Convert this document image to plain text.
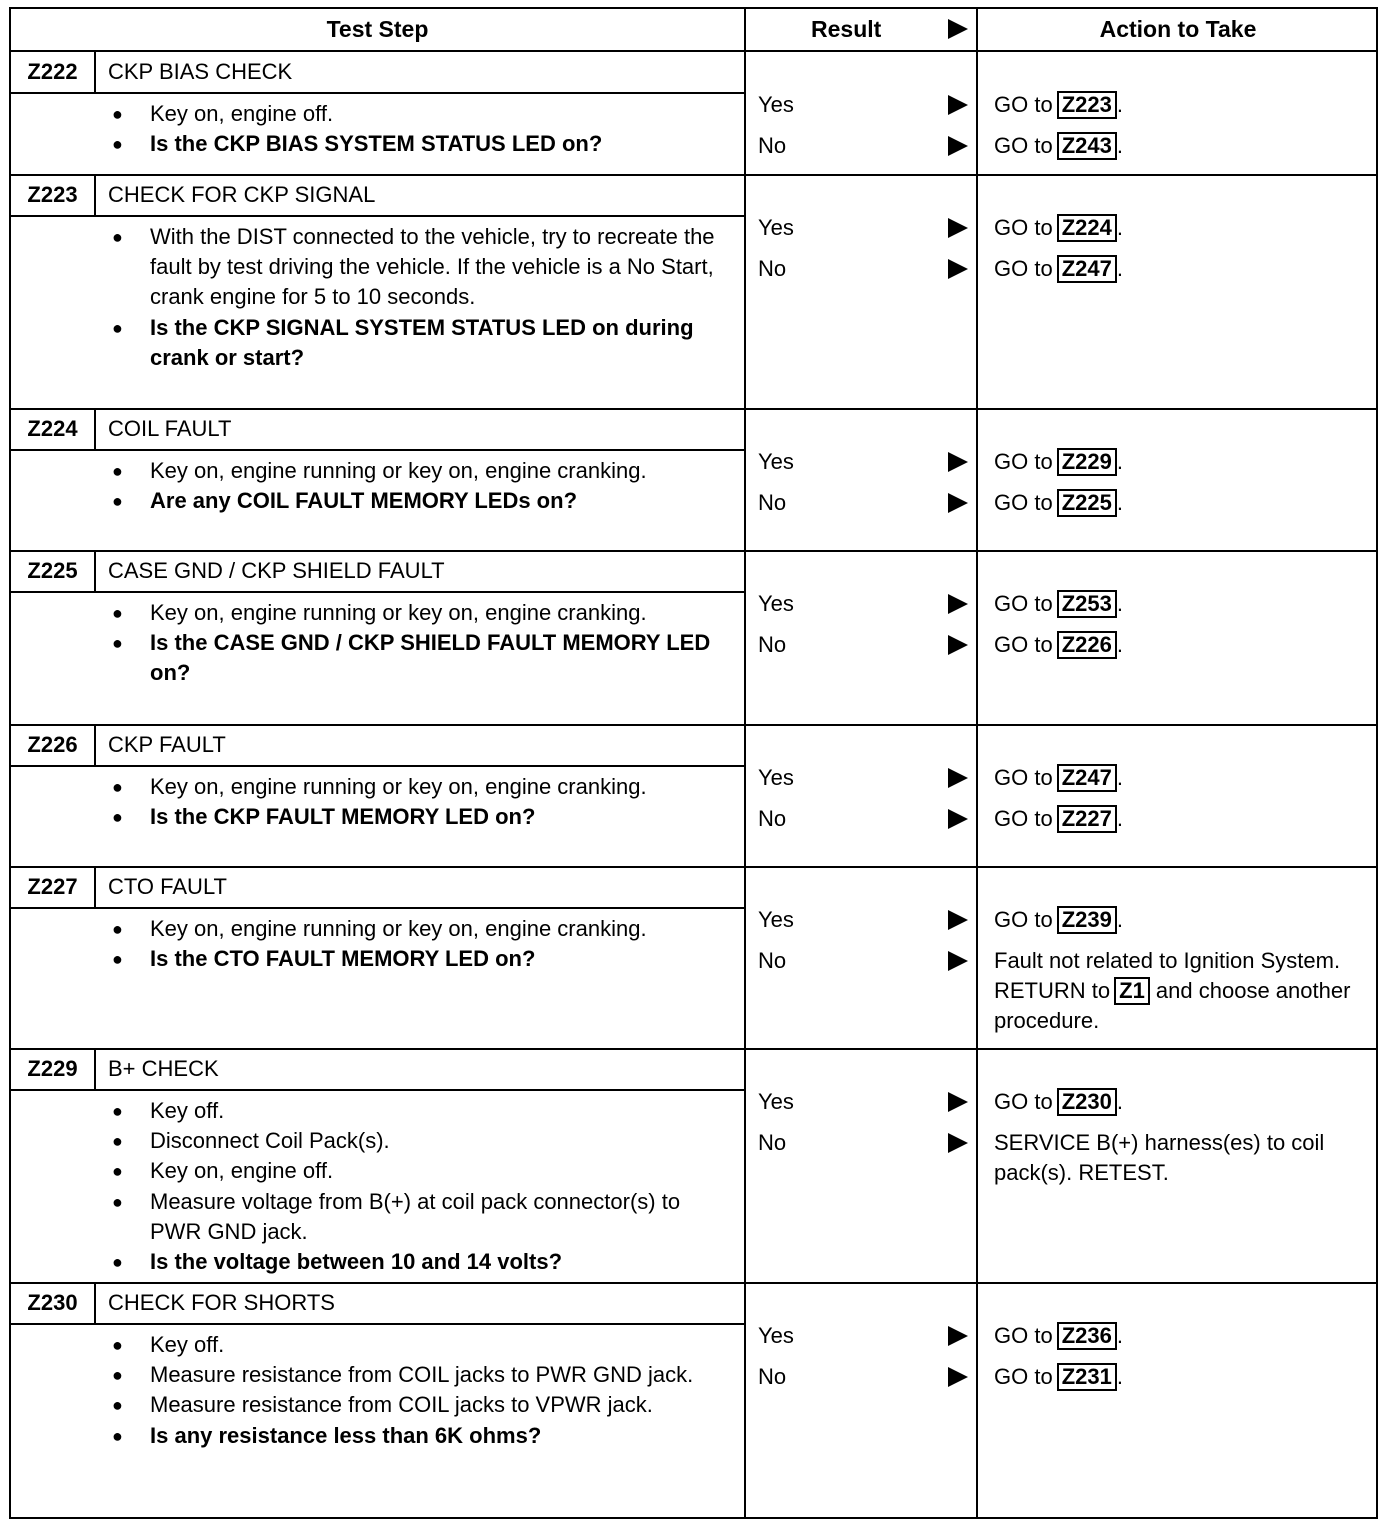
Test Step	Result	Action to Take
Z222	CKP BIAS CHECK
● Key on, engine off.
● Is the CKP BIAS SYSTEM STATUS LED on?
Yes	GO to Z223 .
No	GO to Z243 .
Z223	CHECK FOR CKP SIGNAL
● With the DIST connected to the vehicle, try to recreate the fault by test driving the vehicle. If the vehicle is a No Start, crank engine for 5 to 10 seconds.
● Is the CKP SIGNAL SYSTEM STATUS LED on during crank or start?
Yes	GO to Z224 .
No	GO to Z247 .
Z224	COIL FAULT
● Key on, engine running or key on, engine cranking.
● Are any COIL FAULT MEMORY LEDs on?
Yes	GO to Z229 .
No	GO to Z225 .
Z225	CASE GND / CKP SHIELD FAULT
● Key on, engine running or key on, engine cranking.
● Is the CASE GND / CKP SHIELD FAULT MEMORY LED on?
Yes	GO to Z253 .
No	GO to Z226 .
Z226	CKP FAULT
● Key on, engine running or key on, engine cranking.
● Is the CKP FAULT MEMORY LED on?
Yes	GO to Z247 .
No	GO to Z227 .
Z227	CTO FAULT
● Key on, engine running or key on, engine cranking.
● Is the CTO FAULT MEMORY LED on?
Yes	GO to Z239 .
No	Fault not related to Ignition System. RETURN to Z1 and choose another procedure.
Z229	B+ CHECK
● Key off.
● Disconnect Coil Pack(s).
● Key on, engine off.
● Measure voltage from B(+) at coil pack connector(s) to PWR GND jack.
● Is the voltage between 10 and 14 volts?
Yes	GO to Z230 .
No	SERVICE B(+) harness(es) to coil pack(s). RETEST.
Z230	CHECK FOR SHORTS
● Key off.
● Measure resistance from COIL jacks to PWR GND jack.
● Measure resistance from COIL jacks to VPWR jack.
● Is any resistance less than 6K ohms?
Yes	GO to Z236 .
No	GO to Z231 .
